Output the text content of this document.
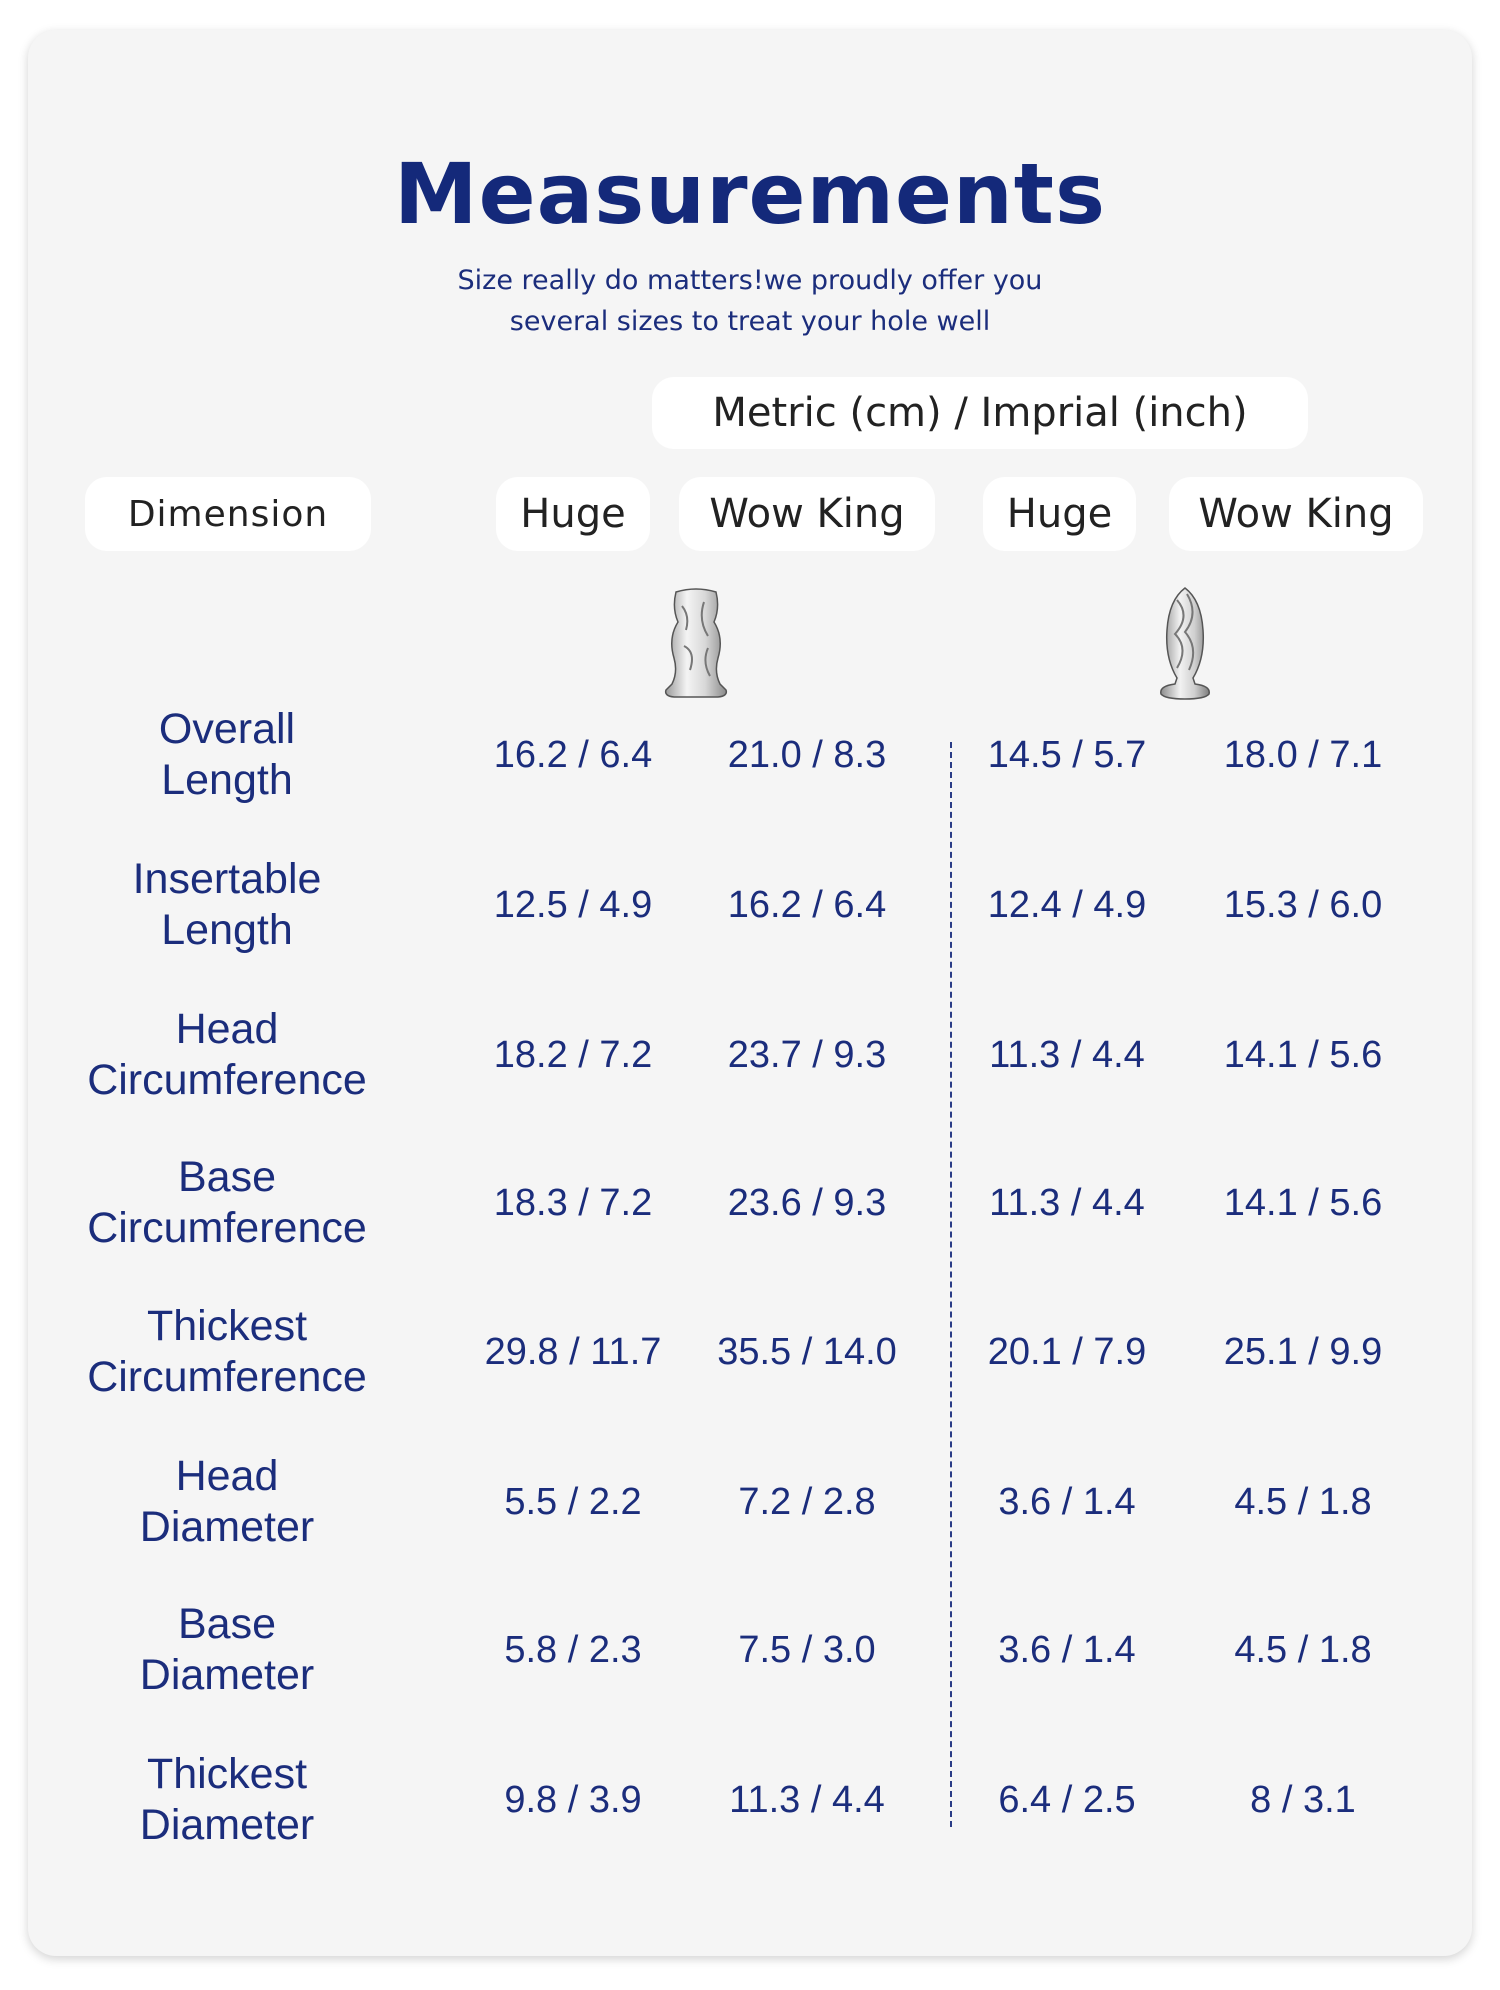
Measurements
Size really do matters!we proudly offer you
several sizes to treat your hole well
Metric (cm) / Imprial (inch)
Dimension	Huge	Wow King	Huge	Wow King
Overall
Length
16.2 / 6.4	21.0 / 8.3	14.5 / 5.7	18.0 / 7.1
Insertable
Length
12.5 / 4.9	16.2 / 6.4	12.4 / 4.9	15.3 / 6.0
Head
Circumference
18.2 / 7.2	23.7 / 9.3	11.3 / 4.4	14.1 / 5.6
Base
Circumference
18.3 / 7.2	23.6 / 9.3	11.3 / 4.4	14.1 / 5.6
Thickest
Circumference
29.8 / 11.7	35.5 / 14.0	20.1 / 7.9	25.1 / 9.9
Head
Diameter
5.5 / 2.2	7.2 / 2.8	3.6 / 1.4	4.5 / 1.8
Base
Diameter
5.8 / 2.3	7.5 / 3.0	3.6 / 1.4	4.5 / 1.8
Thickest
Diameter
9.8 / 3.9	11.3 / 4.4	6.4 / 2.5	8 / 3.1
